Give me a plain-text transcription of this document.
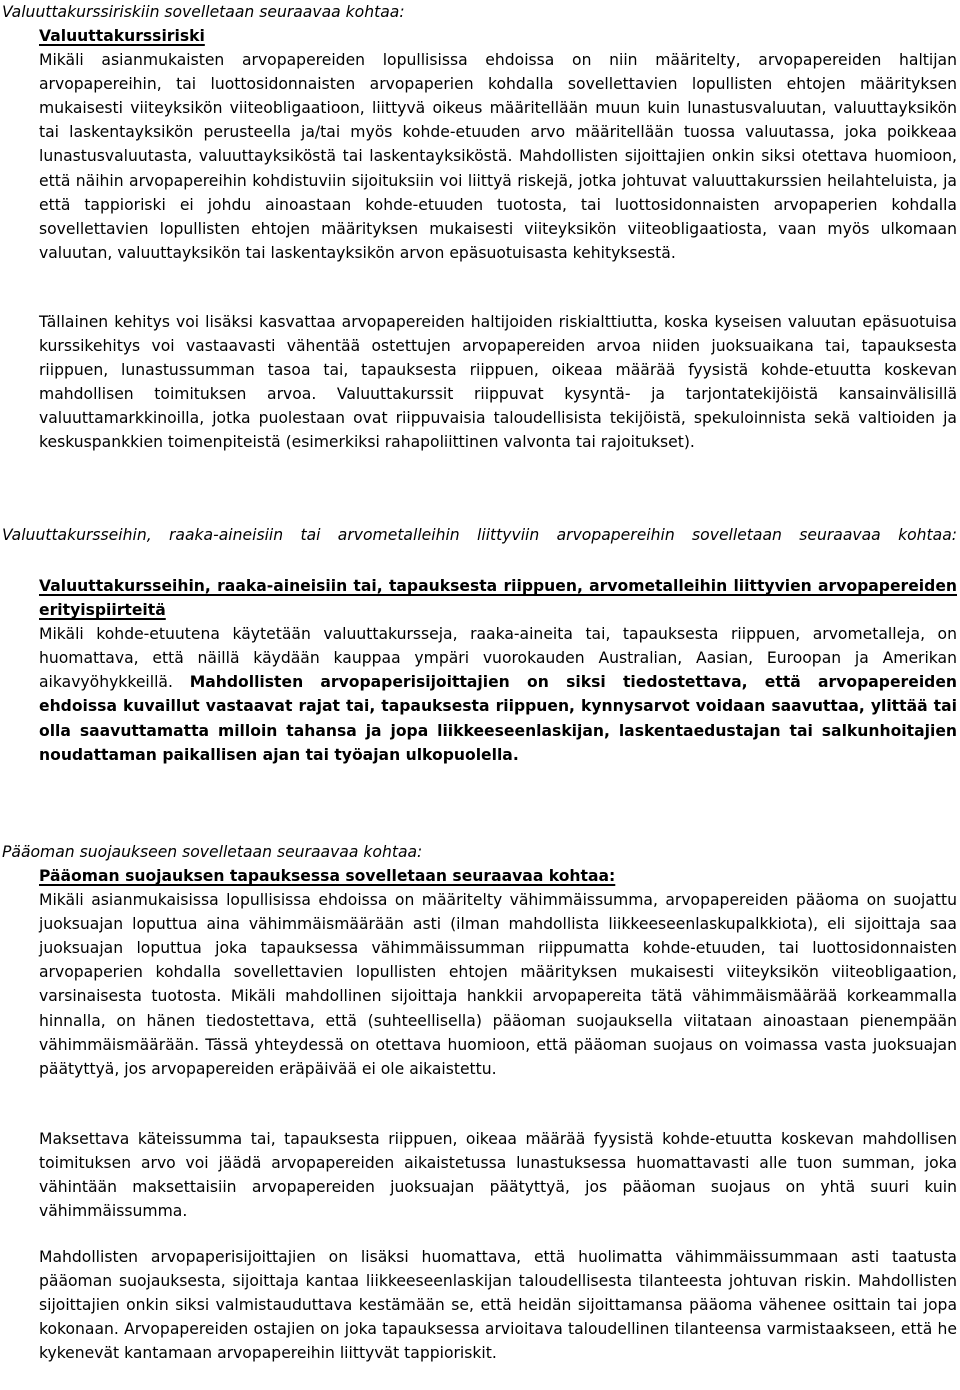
Valuuttakurssiriskiin sovelletaan seuraavaa kohtaa:

Valuuttakurssiriski

Mikäli asianmukaisten arvopapereiden lopullisissa ehdoissa on niin määritelty, arvopapereiden haltijan arvopapereihin, tai luottosidonnaisten arvopaperien kohdalla sovellettavien lopullisten ehtojen määrityksen mukaisesti viiteyksikön viiteobligaatioon, liittyvä oikeus määritellään muun kuin lunastusvaluutan, valuuttayksikön tai laskentayksikön perusteella ja/tai myös kohde-etuuden arvo määritellään tuossa valuutassa, joka poikkeaa lunastusvaluutasta, valuuttayksiköstä tai laskentayksiköstä. Mahdollisten sijoittajien onkin siksi otettava huomioon, että näihin arvopapereihin kohdistuviin sijoituksiin voi liittyä riskejä, jotka johtuvat valuuttakurssien heilahteluista, ja että tappioriski ei johdu ainoastaan kohde-etuuden tuotosta, tai luottosidonnaisten arvopaperien kohdalla sovellettavien lopullisten ehtojen määrityksen mukaisesti viiteyksikön viiteobligaatiosta, vaan myös ulkomaan valuutan, valuuttayksikön tai laskentayksikön arvon epäsuotuisasta kehityksestä.

Tällainen kehitys voi lisäksi kasvattaa arvopapereiden haltijoiden riskialttiutta, koska kyseisen valuutan epäsuotuisa kurssikehitys voi vastaavasti vähentää ostettujen arvopapereiden arvoa niiden juoksuaikana tai, tapauksesta riippuen, lunastussumman tasoa tai, tapauksesta riippuen, oikeaa määrää fyysistä kohde-etuutta koskevan mahdollisen toimituksen arvoa. Valuuttakurssit riippuvat kysyntä- ja tarjontatekijöistä kansainvälisillä valuuttamarkkinoilla, jotka puolestaan ovat riippuvaisia taloudellisista tekijöistä, spekuloinnista sekä valtioiden ja keskuspankkien toimenpiteistä (esimerkiksi rahapoliittinen valvonta tai rajoitukset).

Valuuttakursseihin, raaka-aineisiin tai arvometalleihin liittyviin arvopapereihin sovelletaan seuraavaa kohtaa:

Valuuttakursseihin, raaka-aineisiin tai, tapauksesta riippuen, arvometalleihin liittyvien arvopapereiden erityispiirteitä

Mikäli kohde-etuutena käytetään valuuttakursseja, raaka-aineita tai, tapauksesta riippuen, arvometalleja, on huomattava, että näillä käydään kauppaa ympäri vuorokauden Australian, Aasian, Euroopan ja Amerikan aikavyöhykkeillä. Mahdollisten arvopaperisijoittajien on siksi tiedostettava, että arvopapereiden ehdoissa kuvaillut vastaavat rajat tai, tapauksesta riippuen, kynnysarvot voidaan saavuttaa, ylittää tai olla saavuttamatta milloin tahansa ja jopa liikkeeseenlaskijan, laskentaedustajan tai salkunhoitajien noudattaman paikallisen ajan tai työajan ulkopuolella.

Pääoman suojaukseen sovelletaan seuraavaa kohtaa:

Pääoman suojauksen tapauksessa sovelletaan seuraavaa kohtaa:

Mikäli asianmukaisissa lopullisissa ehdoissa on määritelty vähimmäissumma, arvopapereiden pääoma on suojattu juoksuajan loputtua aina vähimmäismäärään asti (ilman mahdollista liikkeeseenlaskupalkkiota), eli sijoittaja saa juoksuajan loputtua joka tapauksessa vähimmäissumman riippumatta kohde-etuuden, tai luottosidonnaisten arvopaperien kohdalla sovellettavien lopullisten ehtojen määrityksen mukaisesti viiteyksikön viiteobligaation, varsinaisesta tuotosta. Mikäli mahdollinen sijoittaja hankkii arvopapereita tätä vähimmäismäärää korkeammalla hinnalla, on hänen tiedostettava, että (suhteellisella) pääoman suojauksella viitataan ainoastaan pienempään vähimmäismäärään. Tässä yhteydessä on otettava huomioon, että pääoman suojaus on voimassa vasta juoksuajan päätyttyä, jos arvopapereiden eräpäivää ei ole aikaistettu.

Maksettava käteissumma tai, tapauksesta riippuen, oikeaa määrää fyysistä kohde-etuutta koskevan mahdollisen toimituksen arvo voi jäädä arvopapereiden aikaistetussa lunastuksessa huomattavasti alle tuon summan, joka vähintään maksettaisiin arvopapereiden juoksuajan päätyttyä, jos pääoman suojaus on yhtä suuri kuin vähimmäissumma.

Mahdollisten arvopaperisijoittajien on lisäksi huomattava, että huolimatta vähimmäissummaan asti taatusta pääoman suojauksesta, sijoittaja kantaa liikkeeseenlaskijan taloudellisesta tilanteesta johtuvan riskin. Mahdollisten sijoittajien onkin siksi valmistauduttava kestämään se, että heidän sijoittamansa pääoma vähenee osittain tai jopa kokonaan. Arvopapereiden ostajien on joka tapauksessa arvioitava taloudellinen tilanteensa varmistaakseen, että he kykenevät kantamaan arvopapereihin liittyvät tappioriskit.
